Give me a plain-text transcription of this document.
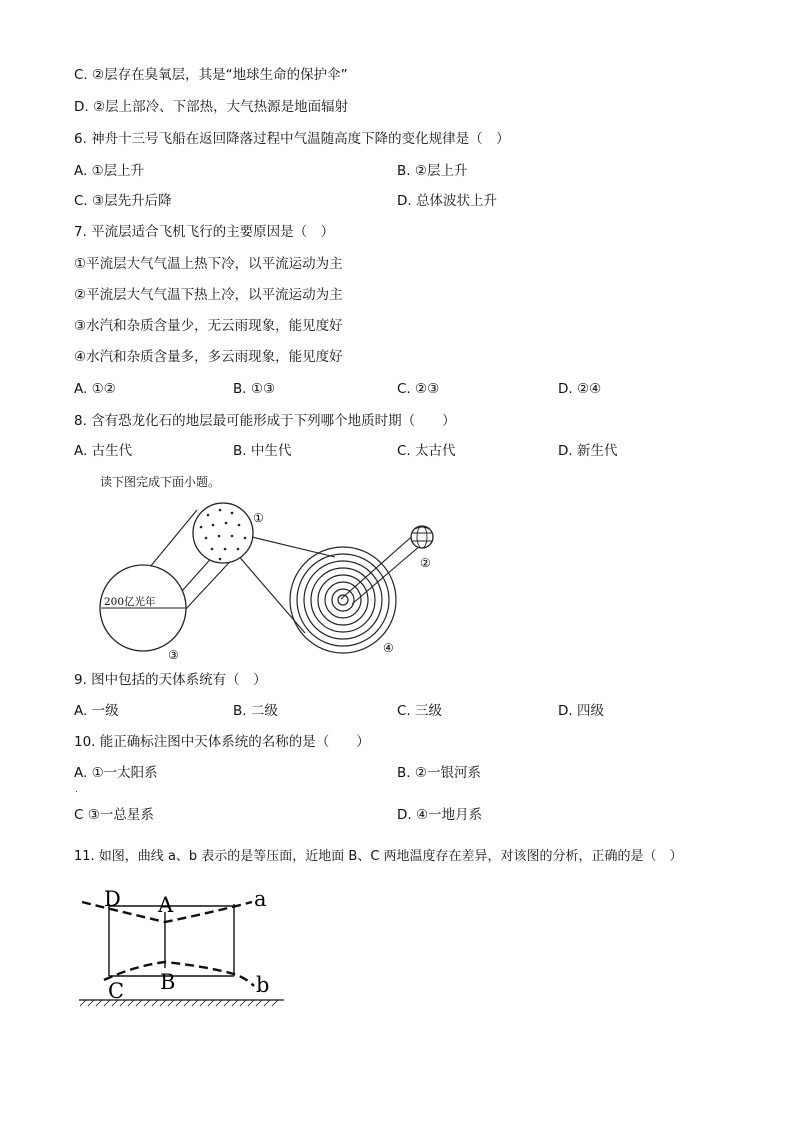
C. ②层存在臭氧层，其是“地球生命的保护伞”
D. ②层上部冷、下部热，大气热源是地面辐射
6. 神舟十三号飞船在返回降落过程中气温随高度下降的变化规律是（　）
A. ①层上升	B. ②层上升
C. ③层先升后降	D. 总体波状上升
7. 平流层适合飞机飞行的主要原因是（　）
①平流层大气气温上热下冷，以平流运动为主
②平流层大气气温下热上冷，以平流运动为主
③水汽和杂质含量少，无云雨现象，能见度好
④水汽和杂质含量多，多云雨现象，能见度好
A. ①②	B. ①③	C. ②③	D. ②④
8. 含有恐龙化石的地层最可能形成于下列哪个地质时期（　　）
A. 古生代	B. 中生代	C. 太古代	D. 新生代
读下图完成下面小题。
①
200亿光年
③	④
②
9. 图中包括的天体系统有（　）
A. 一级	B. 二级	C. 三级	D. 四级
10. 能正确标注图中天体系统的名称的是（　　）
A. ①一太阳系	B. ②一银河系
.
C ③一总星系	D. ④一地月系
11. 如图，曲线 a、b 表示的是等压面，近地面 B、C 两地温度存在差异，对该图的分析，正确的是（　）
D A	a
C B	b
